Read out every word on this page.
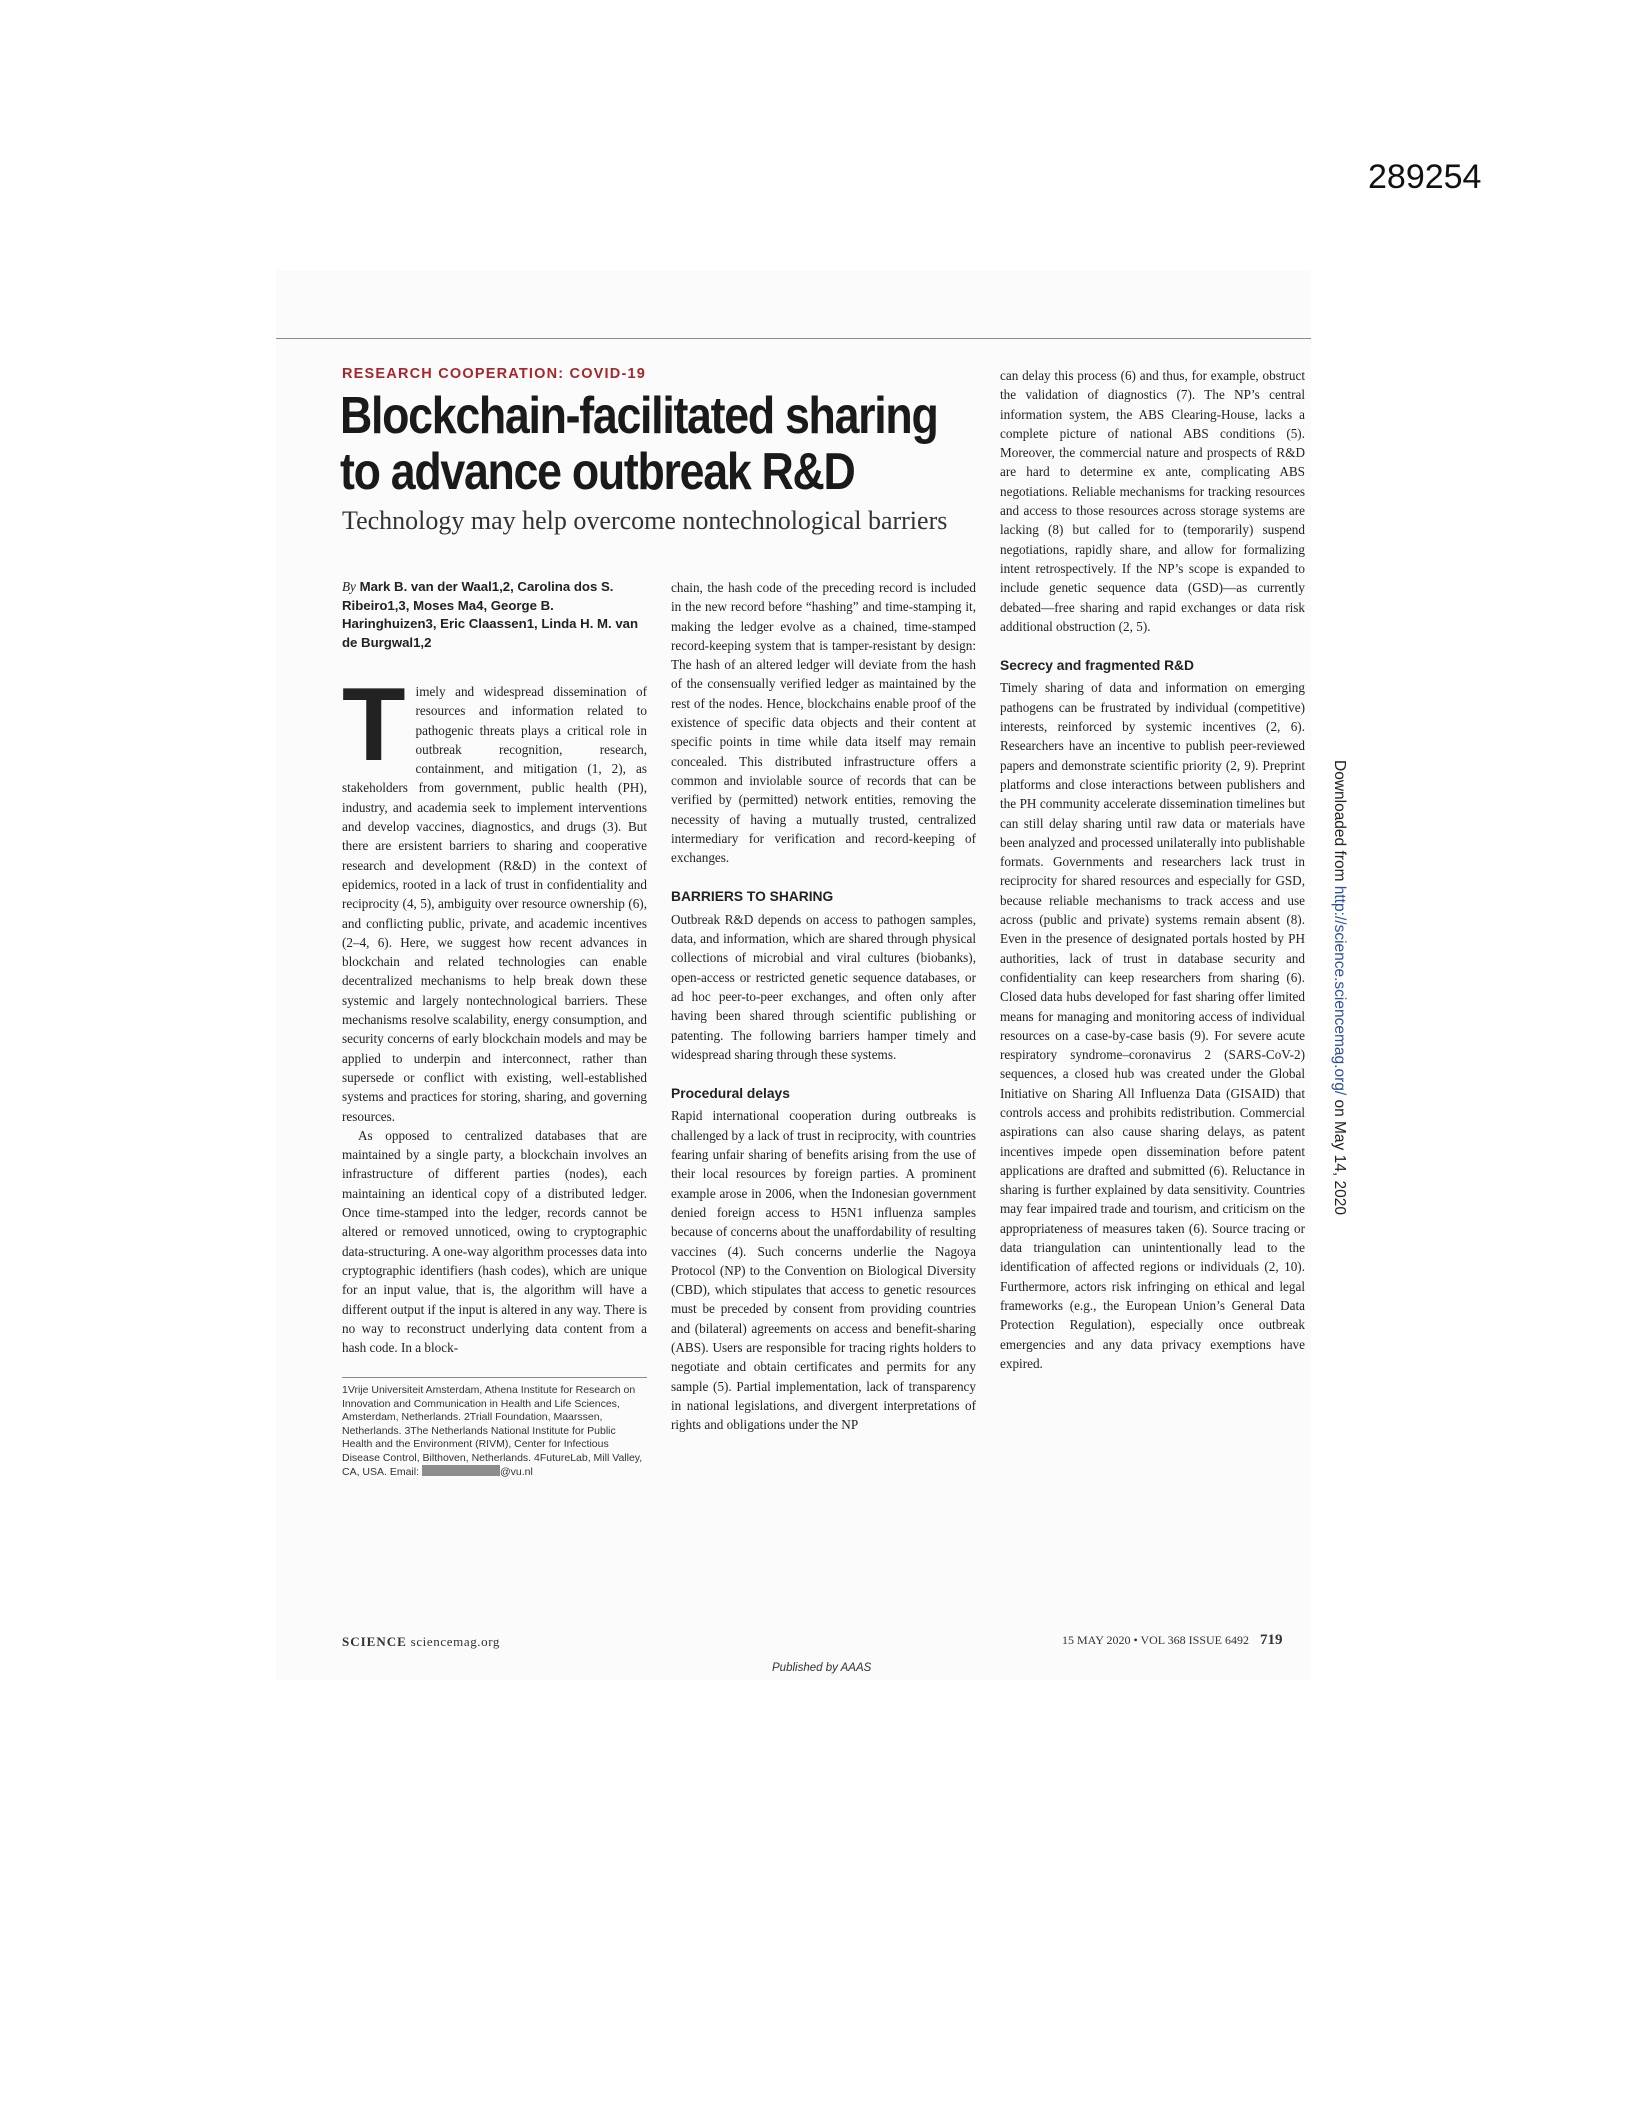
289254
RESEARCH COOPERATION: COVID-19
Blockchain-facilitated sharing
to advance outbreak R&D
Technology may help overcome nontechnological barriers

By Mark B. van der Waal1,2, Carolina dos S. Ribeiro1,3, Moses Ma4, George B. Haringhuizen3, Eric Claassen1, Linda H. M. van de Burgwal1,2

Timely and widespread dissemination of resources and information related to pathogenic threats plays a critical role in outbreak recognition, research, containment, and mitigation (1, 2), as stakeholders from government, public health (PH), industry, and academia seek to implement interventions and develop vaccines, diagnostics, and drugs (3). But there are ersistent barriers to sharing and cooperative research and development (R&D) in the context of epidemics, rooted in a lack of trust in confidentiality and reciprocity (4, 5), ambiguity over resource ownership (6), and conflicting public, private, and academic incentives (2–4, 6). Here, we suggest how recent advances in blockchain and related technologies can enable decentralized mechanisms to help break down these systemic and largely nontechnological barriers. These mechanisms resolve scalability, energy consumption, and security concerns of early blockchain models and may be applied to underpin and interconnect, rather than supersede or conflict with existing, well-established systems and practices for storing, sharing, and governing resources.

As opposed to centralized databases that are maintained by a single party, a blockchain involves an infrastructure of different parties (nodes), each maintaining an identical copy of a distributed ledger. Once time-stamped into the ledger, records cannot be altered or removed unnoticed, owing to cryptographic data-structuring. A one-way algorithm processes data into cryptographic identifiers (hash codes), which are unique for an input value, that is, the algorithm will have a different output if the input is altered in any way. There is no way to reconstruct underlying data content from a hash code. In a block-

1Vrije Universiteit Amsterdam, Athena Institute for Research on Innovation and Communication in Health and Life Sciences, Amsterdam, Netherlands. 2Triall Foundation, Maarssen, Netherlands. 3The Netherlands National Institute for Public Health and the Environment (RIVM), Center for Infectious Disease Control, Bilthoven, Netherlands. 4FutureLab, Mill Valley, CA, USA. Email:	@vu.nl

chain, the hash code of the preceding record is included in the new record before “hashing” and time-stamping it, making the ledger evolve as a chained, time-stamped record-keeping system that is tamper-resistant by design: The hash of an altered ledger will deviate from the hash of the consensually verified ledger as maintained by the rest of the nodes. Hence, blockchains enable proof of the existence of specific data objects and their content at specific points in time while data itself may remain concealed. This distributed infrastructure offers a common and inviolable source of records that can be verified by (permitted) network entities, removing the necessity of having a mutually trusted, centralized intermediary for verification and record-keeping of exchanges.

BARRIERS TO SHARING

Outbreak R&D depends on access to pathogen samples, data, and information, which are shared through physical collections of microbial and viral cultures (biobanks), open-access or restricted genetic sequence databases, or ad hoc peer-to-peer exchanges, and often only after having been shared through scientific publishing or patenting. The following barriers hamper timely and widespread sharing through these systems.

Procedural delays

Rapid international cooperation during outbreaks is challenged by a lack of trust in reciprocity, with countries fearing unfair sharing of benefits arising from the use of their local resources by foreign parties. A prominent example arose in 2006, when the Indonesian government denied foreign access to H5N1 influenza samples because of concerns about the unaffordability of resulting vaccines (4). Such concerns underlie the Nagoya Protocol (NP) to the Convention on Biological Diversity (CBD), which stipulates that access to genetic resources must be preceded by consent from providing countries and (bilateral) agreements on access and benefit-sharing (ABS). Users are responsible for tracing rights holders to negotiate and obtain certificates and permits for any sample (5). Partial implementation, lack of transparency in national legislations, and divergent interpretations of rights and obligations under the NP

can delay this process (6) and thus, for example, obstruct the validation of diagnostics (7). The NP’s central information system, the ABS Clearing-House, lacks a complete picture of national ABS conditions (5). Moreover, the commercial nature and prospects of R&D are hard to determine ex ante, complicating ABS negotiations. Reliable mechanisms for tracking resources and access to those resources across storage systems are lacking (8) but called for to (temporarily) suspend negotiations, rapidly share, and allow for formalizing intent retrospectively. If the NP’s scope is expanded to include genetic sequence data (GSD)—as currently debated—free sharing and rapid exchanges or data risk additional obstruction (2, 5).

Secrecy and fragmented R&D

Timely sharing of data and information on emerging pathogens can be frustrated by individual (competitive) interests, reinforced by systemic incentives (2, 6). Researchers have an incentive to publish peer-reviewed papers and demonstrate scientific priority (2, 9). Preprint platforms and close interactions between publishers and the PH community accelerate dissemination timelines but can still delay sharing until raw data or materials have been analyzed and processed unilaterally into publishable formats. Governments and researchers lack trust in reciprocity for shared resources and especially for GSD, because reliable mechanisms to track access and use across (public and private) systems remain absent (8). Even in the presence of designated portals hosted by PH authorities, lack of trust in database security and confidentiality can keep researchers from sharing (6). Closed data hubs developed for fast sharing offer limited means for managing and monitoring access of individual resources on a case-by-case basis (9). For severe acute respiratory syndrome–coronavirus 2 (SARS-CoV-2) sequences, a closed hub was created under the Global Initiative on Sharing All Influenza Data (GISAID) that controls access and prohibits redistribution. Commercial aspirations can also cause sharing delays, as patent incentives impede open dissemination before patent applications are drafted and submitted (6). Reluctance in sharing is further explained by data sensitivity. Countries may fear impaired trade and tourism, and criticism on the appropriateness of measures taken (6). Source tracing or data triangulation can unintentionally lead to the identification of affected regions or individuals (2, 10). Furthermore, actors risk infringing on ethical and legal frameworks (e.g., the European Union’s General Data Protection Regulation), especially once outbreak emergencies and any data privacy exemptions have expired.

SCIENCE sciencemag.org	15 MAY 2020 • VOL 368 ISSUE 6492 719
Published by AAAS
Downloaded from http://science.sciencemag.org/ on May 14, 2020
